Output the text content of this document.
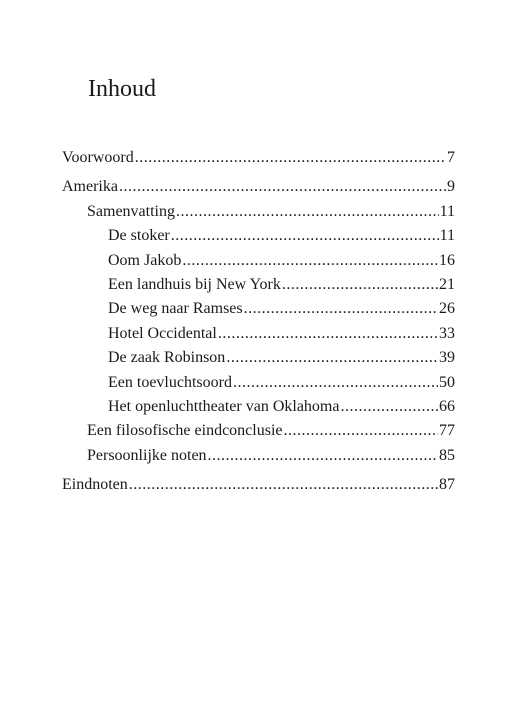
Inhoud
Voorwoord .....	7
Amerika .....	9
Samenvatting .....	11
De stoker .....	11
Oom Jakob .....	16
Een landhuis bij New York .....	21
De weg naar Ramses .....	26
Hotel Occidental .....	33
De zaak Robinson .....	39
Een toevluchtsoord .....	50
Het openluchttheater van Oklahoma .....	66
Een filosofische eindconclusie .....	77
Persoonlijke noten .....	85
Eindnoten .....	87
